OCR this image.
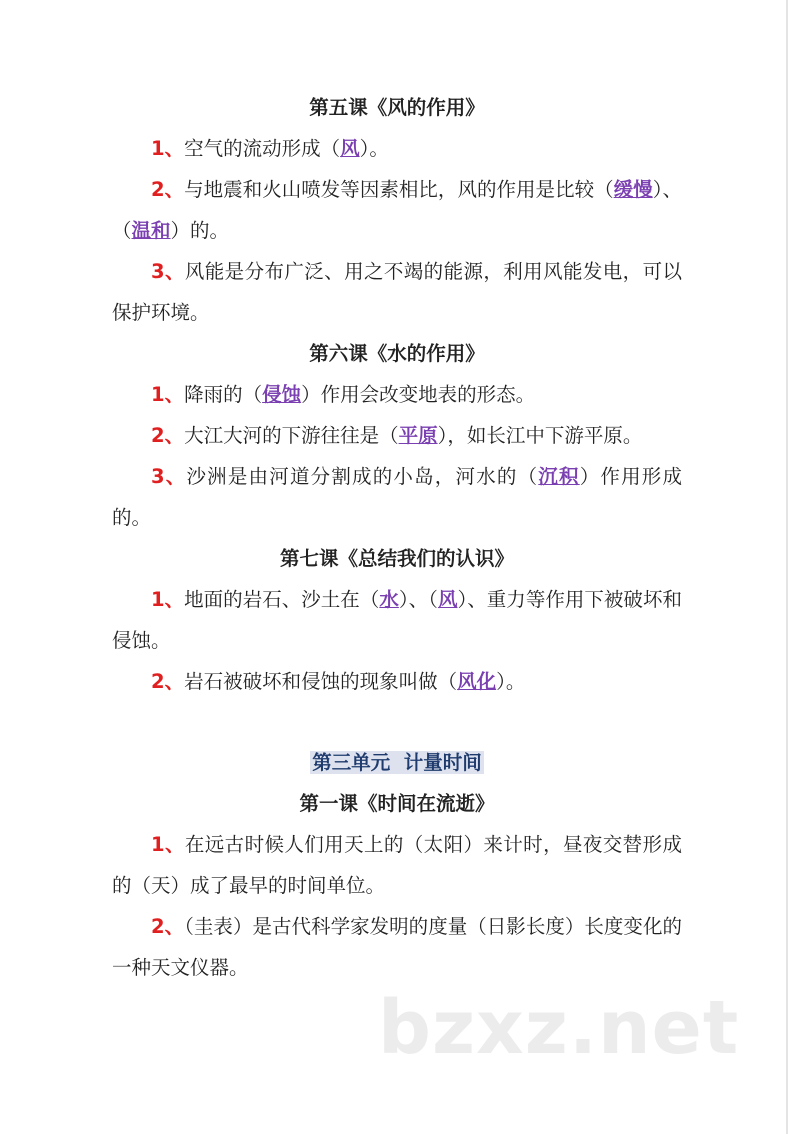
第五课《风的作用》

1、空气的流动形成（风）。

2、与地震和火山喷发等因素相比，风的作用是比较（缓慢）、（温和）的。

3、风能是分布广泛、用之不竭的能源，利用风能发电，可以保护环境。

第六课《水的作用》

1、降雨的（侵蚀）作用会改变地表的形态。

2、大江大河的下游往往是（平原），如长江中下游平原。

3、沙洲是由河道分割成的小岛，河水的（沉积）作用形成的。

第七课《总结我们的认识》

1、地面的岩石、沙土在（水）、（风）、重力等作用下被破坏和侵蚀。

2、岩石被破坏和侵蚀的现象叫做（风化）。

第三单元  计量时间
第一课《时间在流逝》

1、在远古时候人们用天上的（太阳）来计时，昼夜交替形成的（天）成了最早的时间单位。

2、（圭表）是古代科学家发明的度量（日影长度）长度变化的一种天文仪器。

bzxz.net
